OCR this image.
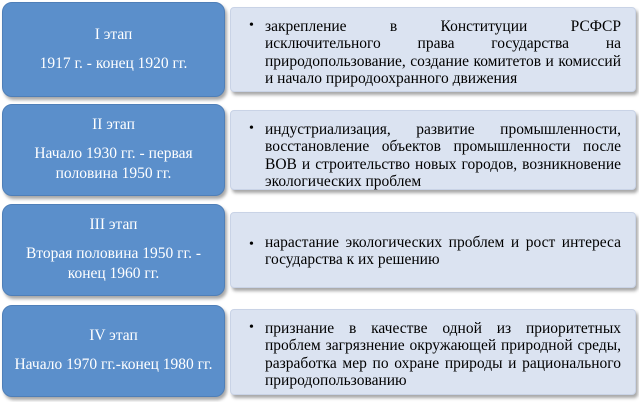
I этап
1917 г. - конец 1920 гг.
• закрепление в Конституции РСФСР исключительного права государства на природопользование, создание комитетов и комиссий и начало природоохранного движения
II этап
Начало 1930 гг. - первая
половина 1950 гг.
• индустриализация, развитие промышленности, восстановление объектов промышленности после ВОВ и строительство новых городов, возникновение экологических проблем
III этап
Вторая половина 1950 гг. -
конец 1960 гг.
• нарастание экологических проблем и рост интереса государства к их решению
IV этап
Начало 1970 гг.-конец 1980 гг.
• признание в качестве одной из приоритетных проблем загрязнение окружающей природной среды, разработка мер по охране природы и рационального природопользованию
